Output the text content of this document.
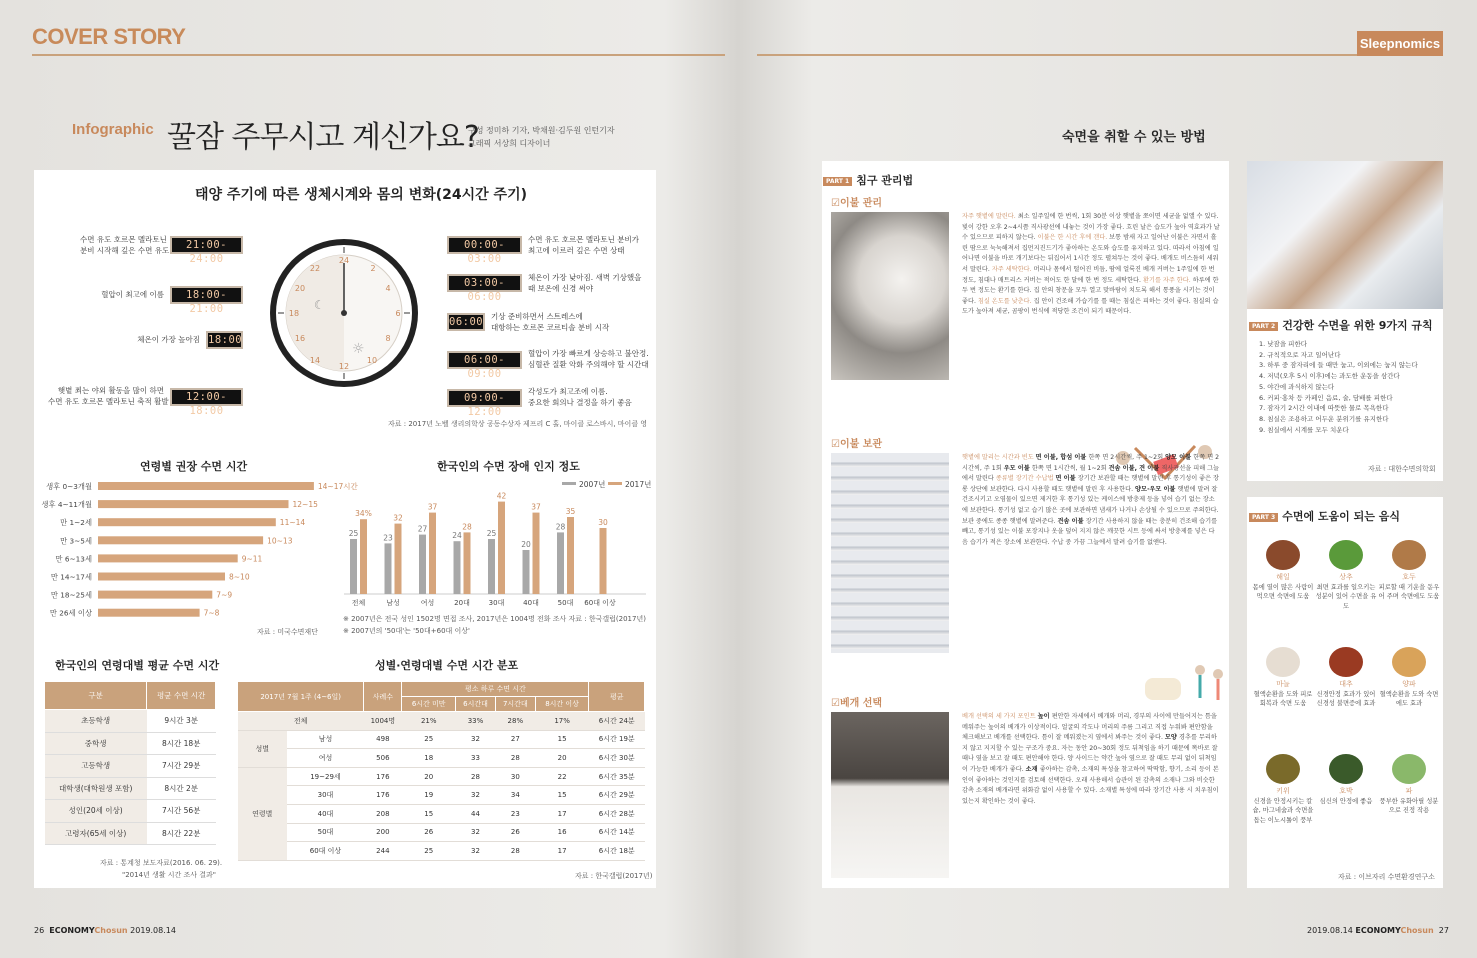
COVER STORY	Sleepnomics
Infographic 꿀잠 주무시고 계신가요?
구성 정미하 기자, 박채원·김두원 인턴기자
그래픽 서상희 디자이너
태양 주기에 따른 생체시계와 몸의 변화(24시간 주기)
24
12
6
18
2
4
8
10
14
16
20
22
☾
☼
수면 유도 호르몬 멜라토닌
분비 시작해 깊은 수면 유도	21:00-24:00
혈압이 최고에 이름	18:00-21:00
체온이 가장 높아짐 18:00
햇볕 쬐는 야외 활동을 많이 하면
수면 유도 호르몬 멜라토닌 축적 활발	12:00-18:00
00:00-03:00
수면 유도 호르몬 멜라토닌 분비가
최고에 이르러 깊은 수면 상태
03:00-06:00
체온이 가장 낮아짐. 새벽 기상했을
때 보온에 신경 써야
06:00 기상 준비하면서 스트레스에
대항하는 호르몬 코르티솔 분비 시작
06:00-09:00
혈압이 가장 빠르게 상승하고 불안정.
심혈관 질환 악화 주의해야 할 시간대
09:00-12:00
각성도가 최고조에 이름.
중요한 회의나 결정을 하기 좋음
자료 : 2017년 노벨 생리의학상 공동수상자 제프리 C 홀, 마이클 로스바시, 마이클 영
연령별 권장 수면 시간
생후 0~3개월	14~17시간
생후 4~11개월	12~15
만 1~2세	11~14
만 3~5세	10~13
만 6~13세	9~11
만 14~17세	8~10
만 18~25세	7~9
만 26세 이상	7~8
자료 : 미국수면재단
한국인의 수면 장애 인지 정도
2007년	2017년
25
34%
전체
23
32
남성
27
37
여성
24
28
20대
25
42
30대
20
37
40대
28
35
50대
30
60대 이상
※ 2007년은 전국 성인 1502명 면접 조사, 2017년은 1004명 전화 조사 자료 : 한국갤럽(2017년)
※ 2007년의 '50대'는 '50대+60대 이상'
한국인의 연령대별 평균 수면 시간
구분	평균 수면 시간
초등학생	9시간 3분
중학생	8시간 18분
고등학생	7시간 29분
대학생(대학원생 포함)	8시간 2분
성인(20세 이상)	7시간 56분
고령자(65세 이상)	8시간 22분
자료 : 통계청 보도자료(2016. 06. 29).
"2014년 생활 시간 조사 결과"
성별·연령대별 수면 시간 분포
2017년 7월 1주 (4~6일)		사례수	평소 하루 수면 시간				평균
			6시간 미만	6시간대	7시간대	8시간 이상	
전체		1004명	21%	33%	28%	17%	6시간 24분
성별	남성	498	25	32	27	15	6시간 19분
	여성	506	18	33	28	20	6시간 30분
연령별	19~29세	176	20	28	30	22	6시간 35분
	30대	176	19	32	34	15	6시간 29분
	40대	208	15	44	23	17	6시간 28분
	50대	200	26	32	26	16	6시간 14분
	60대 이상	244	25	32	28	17	6시간 18분
자료 : 한국갤럽(2017년)
숙면을 취할 수 있는 방법
PART 1 침구 관리법
☑이불 관리
자주 햇볕에 말린다. 최소 일주일에 한 번씩, 1회 30분 이상 햇볕을 쪼이면 세균을 없앨 수 있다. 빛이 강한 오후 2~4시쯤 직사광선에 내놓는 것이 가장 좋다. 흐린 날은 습도가 높아 역효과가 날 수 있으므로 피하지 않는다. 이불은 한 시간 후에 갠다. 보통 밤새 자고 일어난 이불은 자면서 흘린 땀으로 눅눅해져서 집먼지진드기가 좋아하는 온도와 습도를 유지하고 있다. 따라서 아침에 일어나면 이불을 바로 개기보다는 뒤집어서 1시간 정도 펼쳐두는 것이 좋다. 베개도 비스듬히 세워서 말린다. 자주 세탁한다. 머리나 몸에서 떨어진 비듬, 땀에 얼룩진 베개 커버는 1주일에 한 번 정도, 침대나 매트리스 커버는 적어도 한 달에 한 번 정도 세탁한다. 환기를 자주 한다. 하루에 한두 번 정도는 환기를 한다. 집 안의 창문을 모두 열고 맞바람이 치도록 해서 통풍을 시키는 것이 좋다. 침실 온도를 낮춘다. 집 안이 건조해 가습기를 틀 때는 침실은 피하는 것이 좋다. 침실의 습도가 높아져 세균, 곰팡이 번식에 적당한 조건이 되기 때문이다.
☑이불 보관
햇볕에 말리는 시간과 빈도 면 이불, 합섬 이불 한쪽 면 2시간씩, 주 1~2회 양모 이불 한쪽 면 2시간씩, 주 1회 우모 이불 한쪽 면 1시간씩, 월 1~2회 견솜 이불, 견 이불 직사광선을 피해 그늘에서 말린다 종류별 장기간 수납법 면 이불 장기간 보관할 때는 햇볕에 말린 후 통기성이 좋은 장롱 상단에 보관한다. 다시 사용할 때도 햇볕에 말린 후 사용한다. 양모·우모 이불 햇볕에 말려 잘 건조시키고 오염물이 있으면 제거한 후 통기성 있는 케이스에 방충제 등을 넣어 습기 없는 장소에 보관한다. 통기성 없고 습기 많은 곳에 보관하면 냄새가 나거나 손상될 수 있으므로 주의한다. 보관 중에도 종종 햇볕에 말려준다. 견솜 이불 장기간 사용하지 않을 때는 충분히 건조해 습기를 빼고, 통기성 있는 이불 포장지나 옷을 덮어 지지 않은 깨끗한 시트 등에 싸서 방충제를 넣은 다음 습기가 적은 장소에 보관한다. 수납 중 가끔 그늘에서 말려 습기를 없앤다.
☑베개 선택
베개 선택의 세 가지 포인트 높이 편안한 자세에서 베개와 머리, 경부의 사이에 만들어지는 틈을 메워주는 높이의 베개가 이상적이다. 얼굴의 각도나 머리의 주름 그리고 직접 누워봐 편안함을 체크해보고 베개를 선택한다. 틈이 잘 메워졌는지 옆에서 봐주는 것이 좋다. 모양 경추를 무리하지 않고 지지할 수 있는 구조가 중요. 자는 동안 20~30회 정도 뒤척임을 하기 때문에 똑바로 잘 때나 옆을 보고 잘 때도 편안해야 한다. 양 사이드는 약간 높아 옆으로 잘 때도 무리 없이 뒤척임이 가능한 베개가 좋다. 소재 좋아하는 감촉, 소재의 특성을 참고하여 딱딱함, 향기, 소리 등이 본인이 좋아하는 것인지를 검토해 선택한다. 오래 사용해서 습관이 된 감촉의 소재나 그와 비슷한 감촉 소재의 베개라면 위화감 없이 사용할 수 있다. 소재별 특성에 따라 장기간 사용 시 치우침이 있는지 확인하는 것이 좋다.
PART 2 건강한 수면을 위한 9가지 규칙
1. 낮잠을 피한다
2. 규칙적으로 자고 일어난다
3. 하루 중 잠자리에 들 때만 눕고, 이외에는 눕지 않는다
4. 저녁(오후 5시 이후)에는 과도한 운동을 삼간다
5. 야간에 과식하지 않는다
6. 커피·홍차 등 카페인 음료, 술, 담배를 피한다
7. 잠자기 2시간 이내에 따뜻한 물로 목욕한다
8. 침실은 조용하고 어두운 분위기를 유지한다
9. 침실에서 시계를 모두 치운다
자료 : 대한수면의학회
PART 3 수면에 도움이 되는 음식
해일
몸에 열이 많은 사람이 먹으면 숙면에 도움
상추
최면 효과를 일으키는 성분이 있어 수면을 유도
호두
피로할 때 기운을 돋우어 주며 숙면에도 도움
마늘
혈액순환을 도와 피로 회복과 숙면 도움
대추
신경안정 효과가 있어 신경성 불면증에 효과
양파
혈액순환을 도와 숙면에도 효과
키위
신경을 안정시키는 칼슘, 마그네슘과 숙면을 돕는 이노시톨이 풍부
호박
심신의 안정에 좋음
파
풍부한 유화아릴 성분으로 진정 작용
자료 : 이브자리 수면환경연구소
26 ECONOMYChosun 2019.08.14	2019.08.14 ECONOMYChosun 27
